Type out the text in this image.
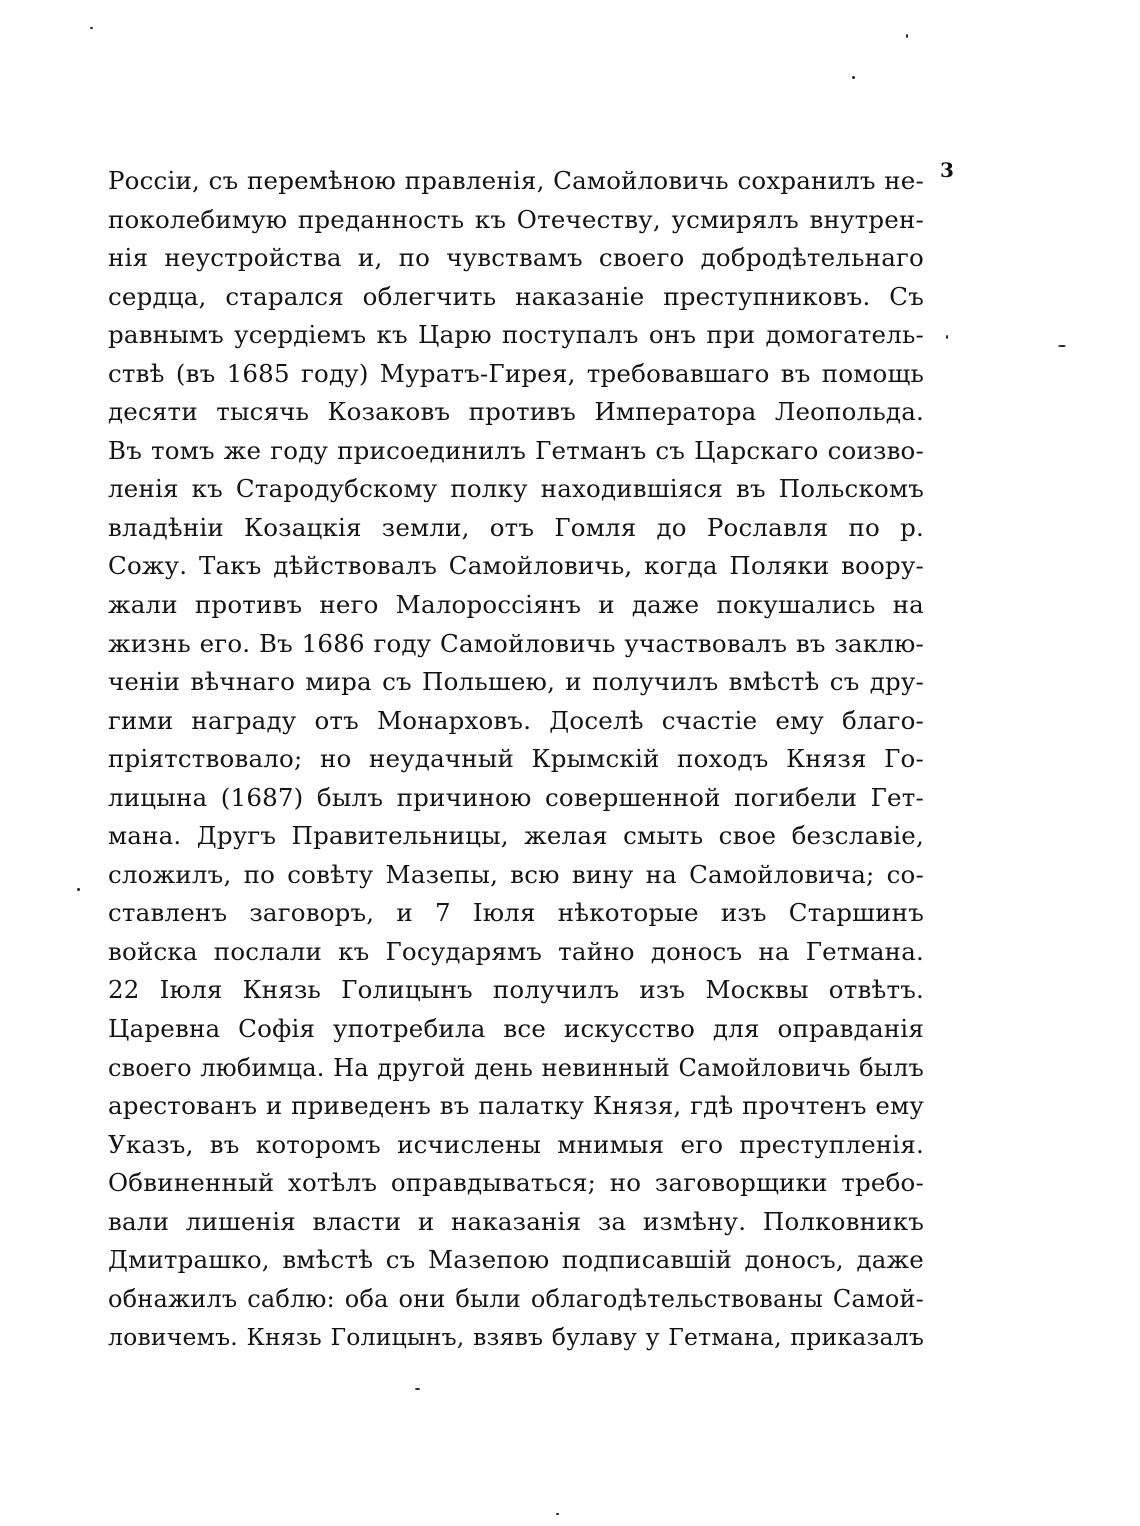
3
Россіи, съ перемѣною правленія, Самойловичь сохранилъ не-
поколебимую преданность къ Отечеству, усмирялъ внутрен-
нія неустройства и, по чувствамъ своего добродѣтельнаго
сердца, старался облегчить наказаніе преступниковъ. Съ
равнымъ усердіемъ къ Царю поступалъ онъ при домогатель-
ствѣ (въ 1685 году) Муратъ-Гирея, требовавшаго въ помощь
десяти тысячь Козаковъ противъ Императора Леопольда.
Въ томъ же году присоединилъ Гетманъ съ Царскаго соизво-
ленія къ Стародубскому полку находившіяся въ Польскомъ
владѣніи Козацкія земли, отъ Гомля до Рославля по р.
Сожу. Такъ дѣйствовалъ Самойловичь, когда Поляки воору-
жали противъ него Малороссіянъ и даже покушались на
жизнь его. Въ 1686 году Самойловичь участвовалъ въ заклю-
ченіи вѣчнаго мира съ Польшею, и получилъ вмѣстѣ съ дру-
гими награду отъ Монарховъ. Доселѣ счастіе ему благо-
пріятствовало; но неудачный Крымскій походъ Князя Го-
лицына (1687) былъ причиною совершенной погибели Гет-
мана. Другъ Правительницы, желая смыть свое безславіе,
сложилъ, по совѣту Мазепы, всю вину на Самойловича; со-
ставленъ заговоръ, и 7 Іюля нѣкоторые изъ Старшинъ
войска послали къ Государямъ тайно доносъ на Гетмана.
22 Іюля Князь Голицынъ получилъ изъ Москвы отвѣтъ.
Царевна Софія употребила все искусство для оправданія
своего любимца. На другой день невинный Самойловичь былъ
арестованъ и приведенъ въ палатку Князя, гдѣ прочтенъ ему
Указъ, въ которомъ исчислены мнимыя его преступленія.
Обвиненный хотѣлъ оправдываться; но заговорщики требо-
вали лишенія власти и наказанія за измѣну. Полковникъ
Дмитрашко, вмѣстѣ съ Мазепою подписавшій доносъ, даже
обнажилъ саблю: оба они были облагодѣтельствованы Самой-
ловичемъ. Князь Голицынъ, взявъ булаву у Гетмана, приказалъ
